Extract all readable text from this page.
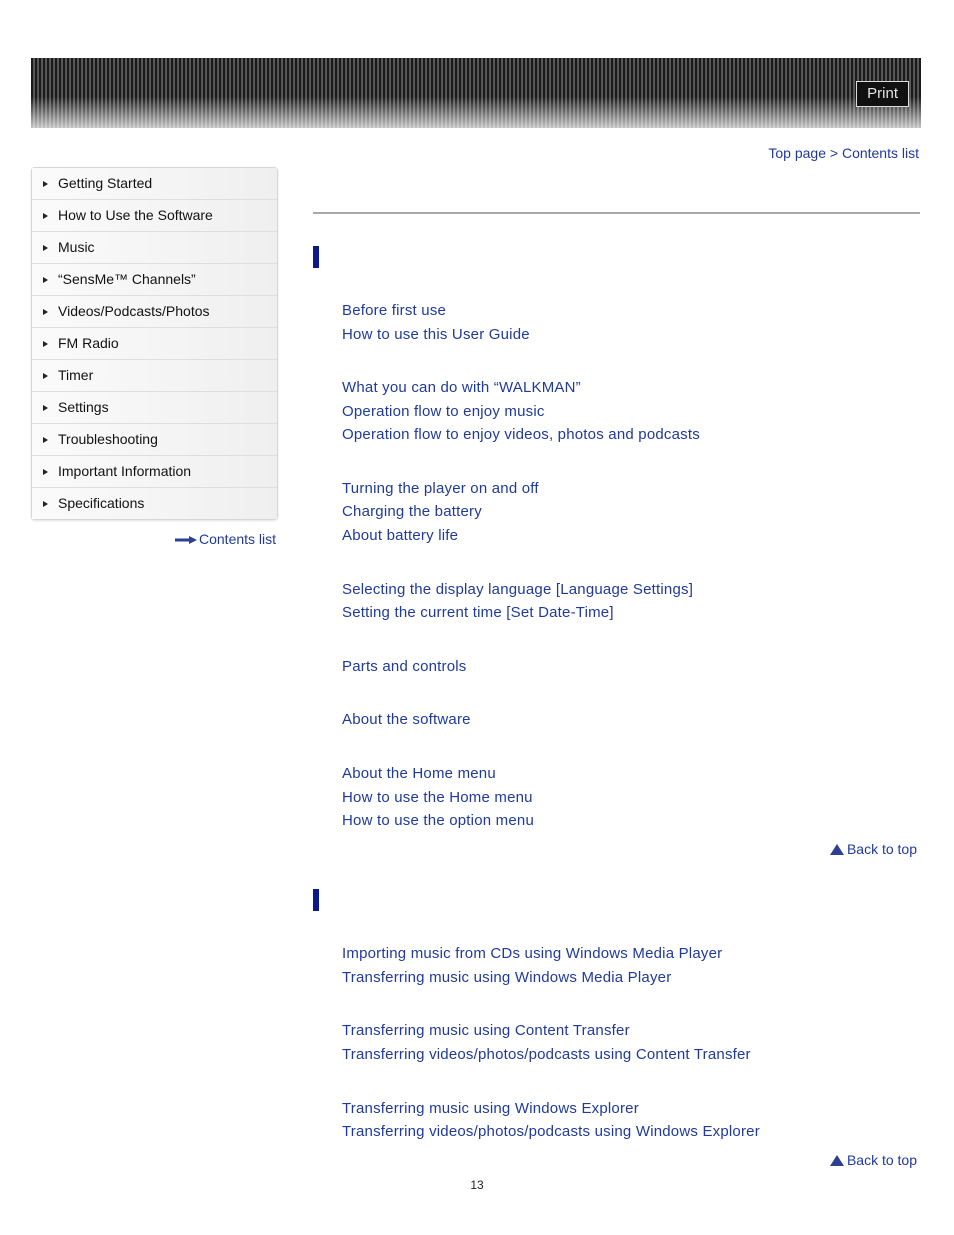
Print
Top page > Contents list
Getting Started
How to Use the Software
Music
“SensMe™ Channels”
Videos/Podcasts/Photos
FM Radio
Timer
Settings
Troubleshooting
Important Information
Specifications
Contents list
Before first use
How to use this User Guide
What you can do with “WALKMAN”
Operation flow to enjoy music
Operation flow to enjoy videos, photos and podcasts
Turning the player on and off
Charging the battery
About battery life
Selecting the display language [Language Settings]
Setting the current time [Set Date-Time]
Parts and controls
About the software
About the Home menu
How to use the Home menu
How to use the option menu
Back to top
Importing music from CDs using Windows Media Player
Transferring music using Windows Media Player
Transferring music using Content Transfer
Transferring videos/photos/podcasts using Content Transfer
Transferring music using Windows Explorer
Transferring videos/photos/podcasts using Windows Explorer
Back to top
13
